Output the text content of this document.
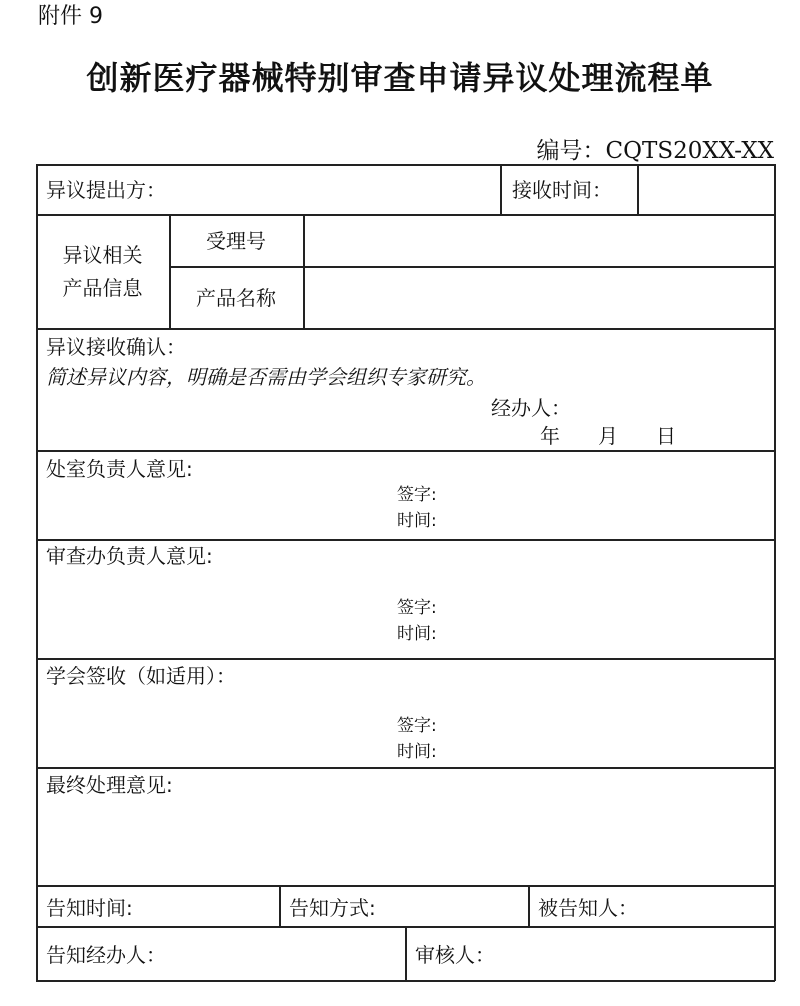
附件 9
创新医疗器械特别审查申请异议处理流程单
编号：CQTS20XX-XX
异议提出方：	接收时间：
异议相关
产品信息
受理号
产品名称
异议接收确认：
简述异议内容，明确是否需由学会组织专家研究。
经办人：
年 月 日
处室负责人意见:
签字:
时间:
审查办负责人意见:
签字:
时间:
学会签收（如适用）：
签字:
时间:
最终处理意见:
告知时间:	告知方式:	被告知人：
告知经办人：	审核人：
